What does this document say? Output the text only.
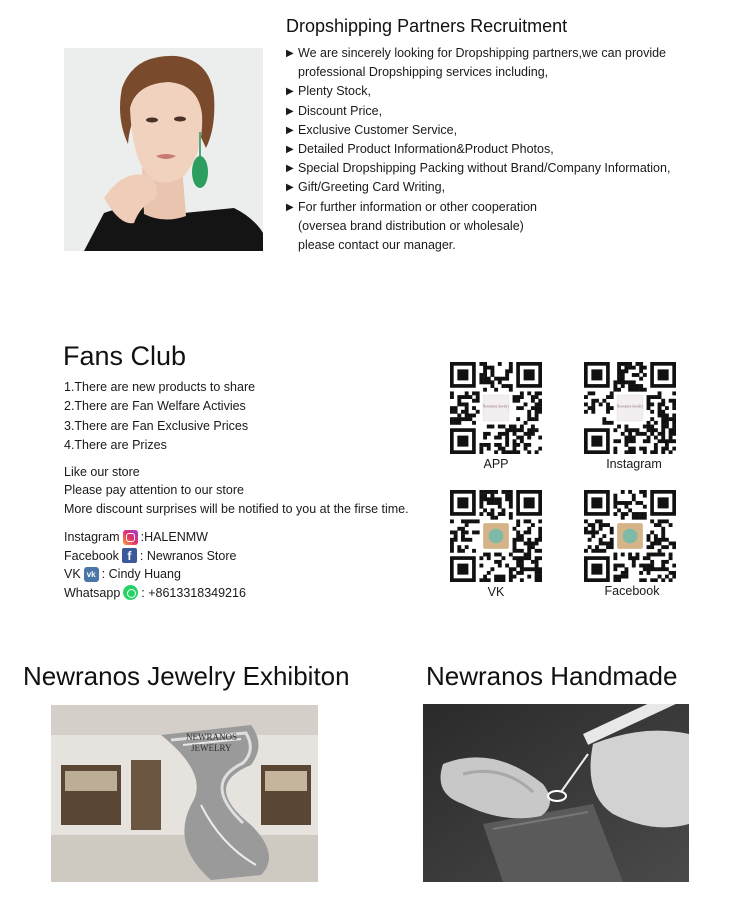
Dropshipping Partners Recruitment
▶ We are sincerely looking for Dropshipping partners,we can provide
professional Dropshipping services including,
▶ Plenty Stock,
▶ Discount Price,
▶ Exclusive Customer Service,
▶ Detailed Product Information&Product Photos,
▶ Special Dropshipping Packing without Brand/Company Information,
▶ Gift/Greeting Card Writing,
▶ For further information or other cooperation
(oversea brand distribution or wholesale)
please contact our manager.
Fans Club
1.There are new products to share
2.There are Fan Welfare Activies
3.There are Fan Exclusive Prices
4.There are Prizes
Like our store
Please pay attention to our store
More discount surprises will be notified to you at the firse time.
Instagram :HALENMW
Facebook f : Newranos Store
VK vk : Cindy Huang
Whatsapp : +8613318349216
Newranos Jewelry
APP
Newranos Jewelry
Instagram
VK	Facebook
Newranos Jewelry Exhibiton	Newranos Handmade
NEWRANOS
JEWELRY
